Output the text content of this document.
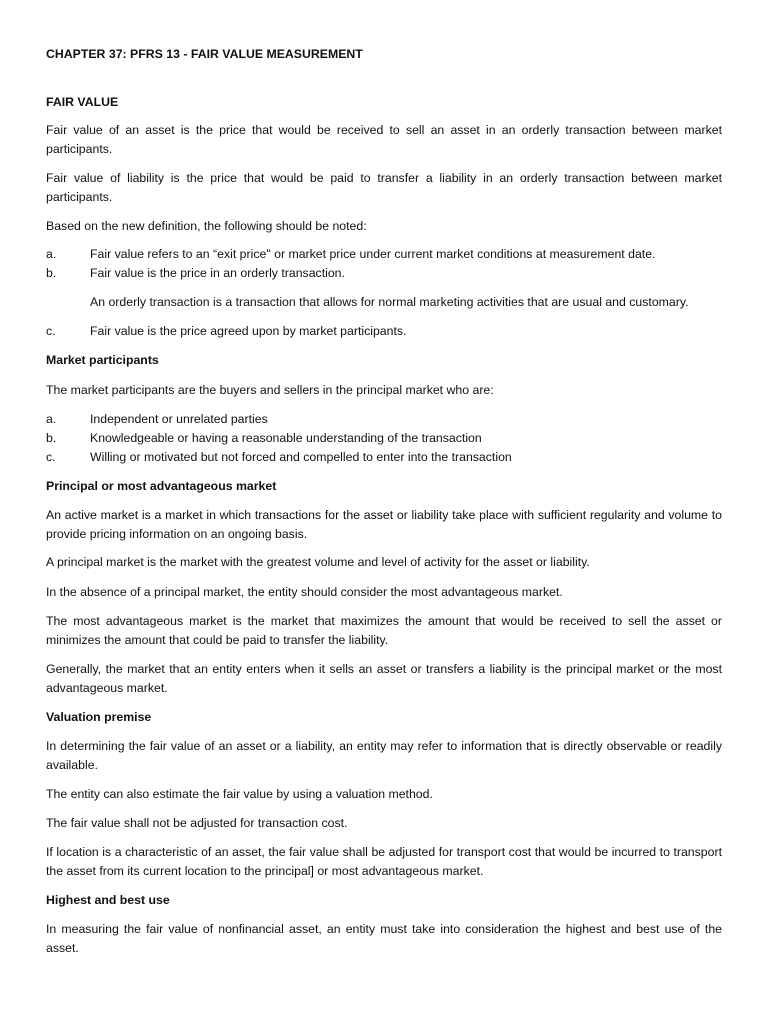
CHAPTER 37: PFRS 13 - FAIR VALUE MEASUREMENT
FAIR VALUE

Fair value of an asset is the price that would be received to sell an asset in an orderly transaction between market participants.

Fair value of liability is the price that would be paid to transfer a liability in an orderly transaction between market participants.

Based on the new definition, the following should be noted:

a.	Fair value refers to an “exit price" or market price under current market conditions at measurement date.
b.	Fair value is the price in an orderly transaction.
An orderly transaction is a transaction that allows for normal marketing activities that are usual and customary.
c.	Fair value is the price agreed upon by market participants.
Market participants

The market participants are the buyers and sellers in the principal market who are:

a.	Independent or unrelated parties
b.	Knowledgeable or having a reasonable understanding of the transaction
c.	Willing or motivated but not forced and compelled to enter into the transaction
Principal or most advantageous market

An active market is a market in which transactions for the asset or liability take place with sufficient regularity and volume to provide pricing information on an ongoing basis.

A principal market is the market with the greatest volume and level of activity for the asset or liability.

In the absence of a principal market, the entity should consider the most advantageous market.

The most advantageous market is the market that maximizes the amount that would be received to sell the asset or minimizes the amount that could be paid to transfer the liability.

Generally, the market that an entity enters when it sells an asset or transfers a liability is the principal market or the most advantageous market.

Valuation premise

In determining the fair value of an asset or a liability, an entity may refer to information that is directly observable or readily available.

The entity can also estimate the fair value by using a valuation method.

The fair value shall not be adjusted for transaction cost.

If location is a characteristic of an asset, the fair value shall be adjusted for transport cost that would be incurred to transport the asset from its current location to the principal] or most advantageous market.

Highest and best use

In measuring the fair value of nonfinancial asset, an entity must take into consideration the highest and best use of the asset.
